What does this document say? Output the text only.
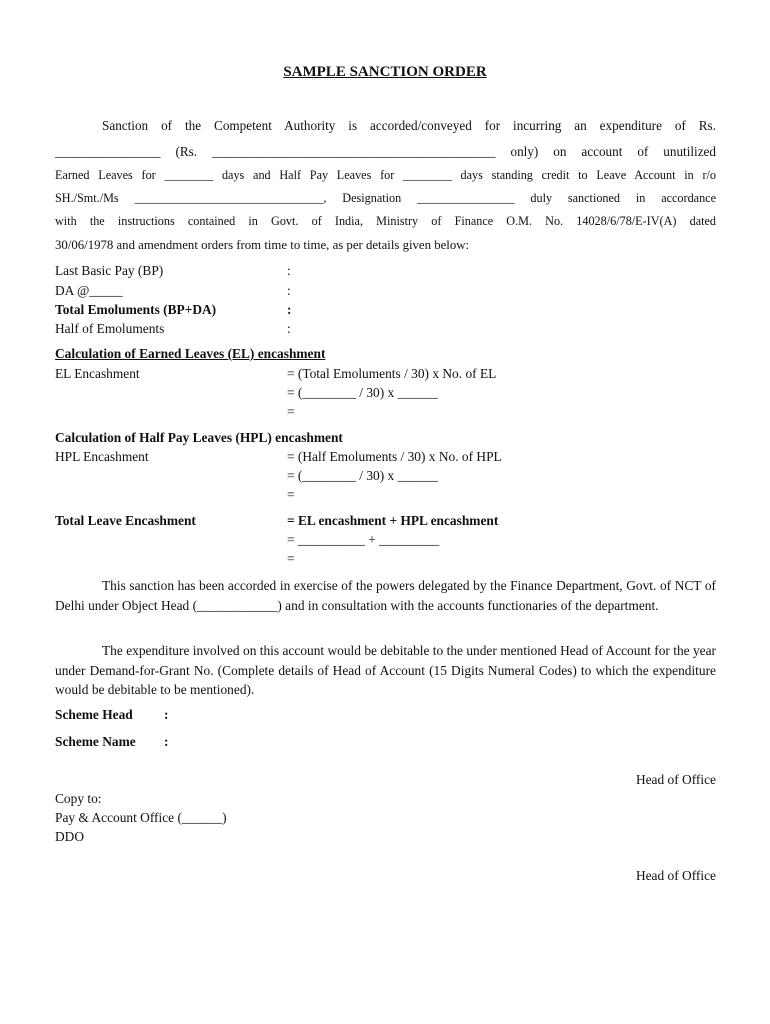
SAMPLE SANCTION ORDER
Sanction of the Competent Authority is accorded/conveyed for incurring an expenditure of Rs.
________________ (Rs. ___________________________________________ only) on account of unutilized
Earned Leaves for ________ days and Half Pay Leaves for ________ days standing credit to Leave Account in r/o
SH./Smt./Ms _______________________________, Designation ________________ duly sanctioned in accordance
with the instructions contained in Govt. of India, Ministry of Finance O.M. No. 14028/6/78/E-IV(A) dated
30/06/1978 and amendment orders from time to time, as per details given below:
Last Basic Pay (BP)	:
DA @_____	:
Total Emoluments (BP+DA)	:
Half of Emoluments	:
Calculation of Earned Leaves (EL) encashment
EL Encashment	= (Total Emoluments / 30) x No. of EL
= (________ / 30) x ______
=
Calculation of Half Pay Leaves (HPL) encashment
HPL Encashment	= (Half Emoluments / 30) x No. of HPL
= (________ / 30) x ______
=
Total Leave Encashment	= EL encashment + HPL encashment
= __________ + _________
=
This sanction has been accorded in exercise of the powers delegated by the Finance Department, Govt. of NCT of Delhi under Object Head (____________) and in consultation with the accounts functionaries of the department.
The expenditure involved on this account would be debitable to the under mentioned Head of Account for the year under Demand-for-Grant No. (Complete details of Head of Account (15 Digits Numeral Codes) to which the expenditure would be debitable to be mentioned).
Scheme Head :
Scheme Name :
Head of Office
Copy to:
Pay & Account Office (______)
DDO
Head of Office
